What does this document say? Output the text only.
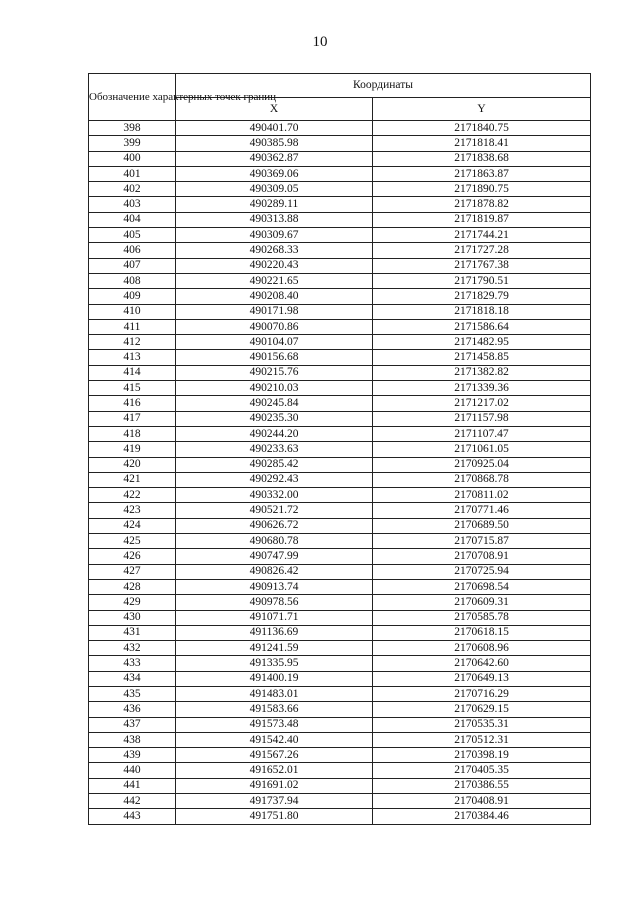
10
Обозначение характерных точек границ	Координаты	
	X	Y
398	490401.70	2171840.75
399	490385.98	2171818.41
400	490362.87	2171838.68
401	490369.06	2171863.87
402	490309.05	2171890.75
403	490289.11	2171878.82
404	490313.88	2171819.87
405	490309.67	2171744.21
406	490268.33	2171727.28
407	490220.43	2171767.38
408	490221.65	2171790.51
409	490208.40	2171829.79
410	490171.98	2171818.18
411	490070.86	2171586.64
412	490104.07	2171482.95
413	490156.68	2171458.85
414	490215.76	2171382.82
415	490210.03	2171339.36
416	490245.84	2171217.02
417	490235.30	2171157.98
418	490244.20	2171107.47
419	490233.63	2171061.05
420	490285.42	2170925.04
421	490292.43	2170868.78
422	490332.00	2170811.02
423	490521.72	2170771.46
424	490626.72	2170689.50
425	490680.78	2170715.87
426	490747.99	2170708.91
427	490826.42	2170725.94
428	490913.74	2170698.54
429	490978.56	2170609.31
430	491071.71	2170585.78
431	491136.69	2170618.15
432	491241.59	2170608.96
433	491335.95	2170642.60
434	491400.19	2170649.13
435	491483.01	2170716.29
436	491583.66	2170629.15
437	491573.48	2170535.31
438	491542.40	2170512.31
439	491567.26	2170398.19
440	491652.01	2170405.35
441	491691.02	2170386.55
442	491737.94	2170408.91
443	491751.80	2170384.46
